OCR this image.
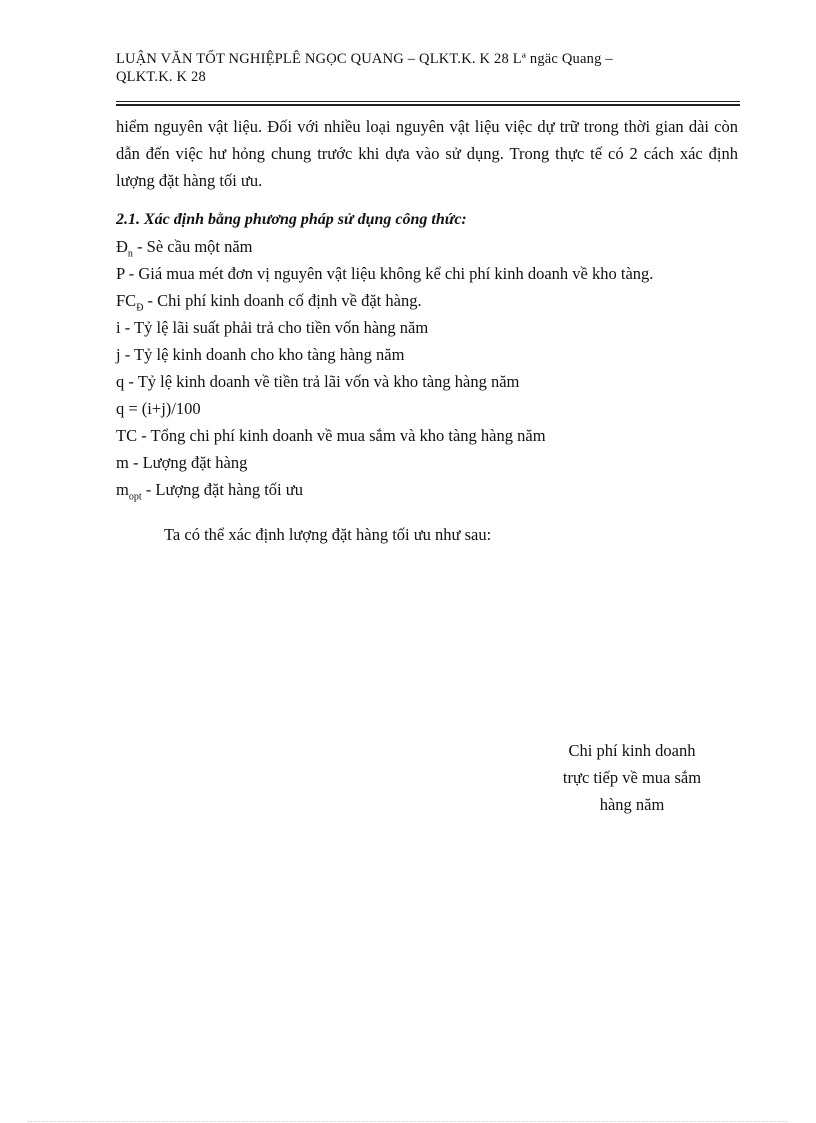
LUẬN VĂN TỐT NGHIỆPLÊ NGỌC QUANG – QLKT.K. K 28 Lª ngäc Quang –
QLKT.K. K 28
hiểm nguyên vật liệu. Đối với nhiều loại nguyên vật liệu việc dự trữ trong thời gian dài còn dẫn đến việc hư hỏng chung trước khi dựa vào sử dụng. Trong thực tế có 2 cách xác định lượng đặt hàng tối ưu.
2.1. Xác định bằng phương pháp sử dụng công thức:

$Đ_n$ - Sè cầu một năm

P - Giá mua mét đơn vị nguyên vật liệu không kể chi phí kinh doanh về kho tàng.

$FC_Đ$ - Chi phí kinh doanh cố định về đặt hàng.

i - Tỷ lệ lãi suất phải trả cho tiền vốn hàng năm

j - Tỷ lệ kinh doanh cho kho tàng hàng năm

q - Tỷ lệ kinh doanh về tiền trả lãi vốn và kho tàng hàng năm

q = (i+j)/100

TC - Tổng chi phí kinh doanh về mua sắm và kho tàng hàng năm

m - Lượng đặt hàng

$m_{opt}$ - Lượng đặt hàng tối ưu

Ta có thể xác định lượng đặt hàng tối ưu như sau:
Chi phí kinh doanh
trực tiếp về mua sắm
hàng năm
